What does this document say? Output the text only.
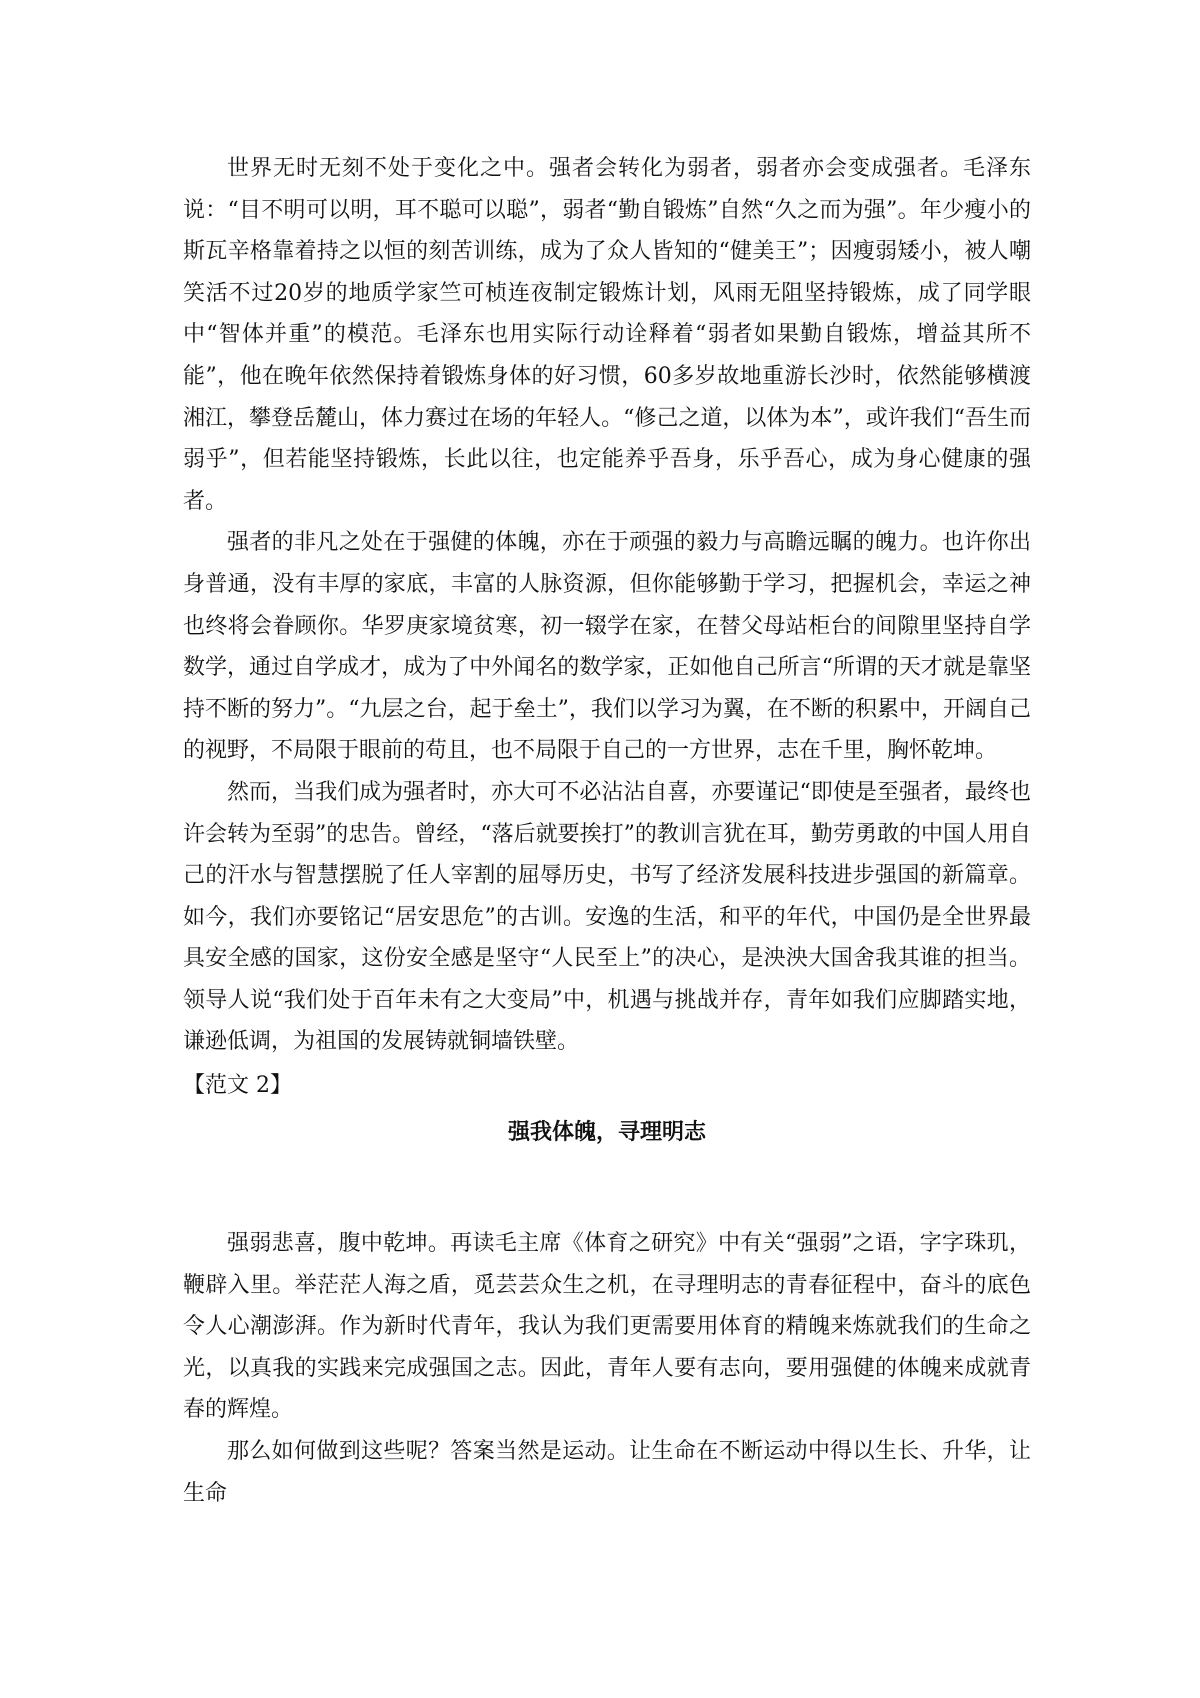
世界无时无刻不处于变化之中。强者会转化为弱者，弱者亦会变成强者。毛泽东说：“目不明可以明，耳不聪可以聪”，弱者“勤自锻炼”自然“久之而为强”。年少瘦小的斯瓦辛格靠着持之以恒的刻苦训练，成为了众人皆知的“健美王”；因瘦弱矮小，被人嘲笑活不过20岁的地质学家竺可桢连夜制定锻炼计划，风雨无阻坚持锻炼，成了同学眼中“智体并重”的模范。毛泽东也用实际行动诠释着“弱者如果勤自锻炼，增益其所不能”，他在晚年依然保持着锻炼身体的好习惯，60多岁故地重游长沙时，依然能够横渡湘江，攀登岳麓山，体力赛过在场的年轻人。“修己之道，以体为本”，或许我们“吾生而弱乎”，但若能坚持锻炼，长此以往，也定能养乎吾身，乐乎吾心，成为身心健康的强者。

强者的非凡之处在于强健的体魄，亦在于顽强的毅力与高瞻远瞩的魄力。也许你出身普通，没有丰厚的家底，丰富的人脉资源，但你能够勤于学习，把握机会，幸运之神也终将会眷顾你。华罗庚家境贫寒，初一辍学在家，在替父母站柜台的间隙里坚持自学数学，通过自学成才，成为了中外闻名的数学家，正如他自己所言“所谓的天才就是靠坚持不断的努力”。“九层之台，起于垒土”，我们以学习为翼，在不断的积累中，开阔自己的视野，不局限于眼前的苟且，也不局限于自己的一方世界，志在千里，胸怀乾坤。

然而，当我们成为强者时，亦大可不必沾沾自喜，亦要谨记“即使是至强者，最终也许会转为至弱”的忠告。曾经，“落后就要挨打”的教训言犹在耳，勤劳勇敢的中国人用自己的汗水与智慧摆脱了任人宰割的屈辱历史，书写了经济发展科技进步强国的新篇章。如今，我们亦要铭记“居安思危”的古训。安逸的生活，和平的年代，中国仍是全世界最具安全感的国家，这份安全感是坚守“人民至上”的决心，是泱泱大国舍我其谁的担当。领导人说“我们处于百年未有之大变局”中，机遇与挑战并存，青年如我们应脚踏实地，谦逊低调，为祖国的发展铸就铜墙铁壁。

【范文 2】

强我体魄，寻理明志

强弱悲喜，腹中乾坤。再读毛主席《体育之研究》中有关“强弱”之语，字字珠玑，鞭辟入里。举茫茫人海之盾，觅芸芸众生之机，在寻理明志的青春征程中，奋斗的底色令人心潮澎湃。作为新时代青年，我认为我们更需要用体育的精魄来炼就我们的生命之光，以真我的实践来完成强国之志。因此，青年人要有志向，要用强健的体魄来成就青春的辉煌。

那么如何做到这些呢？答案当然是运动。让生命在不断运动中得以生长、升华，让生命
